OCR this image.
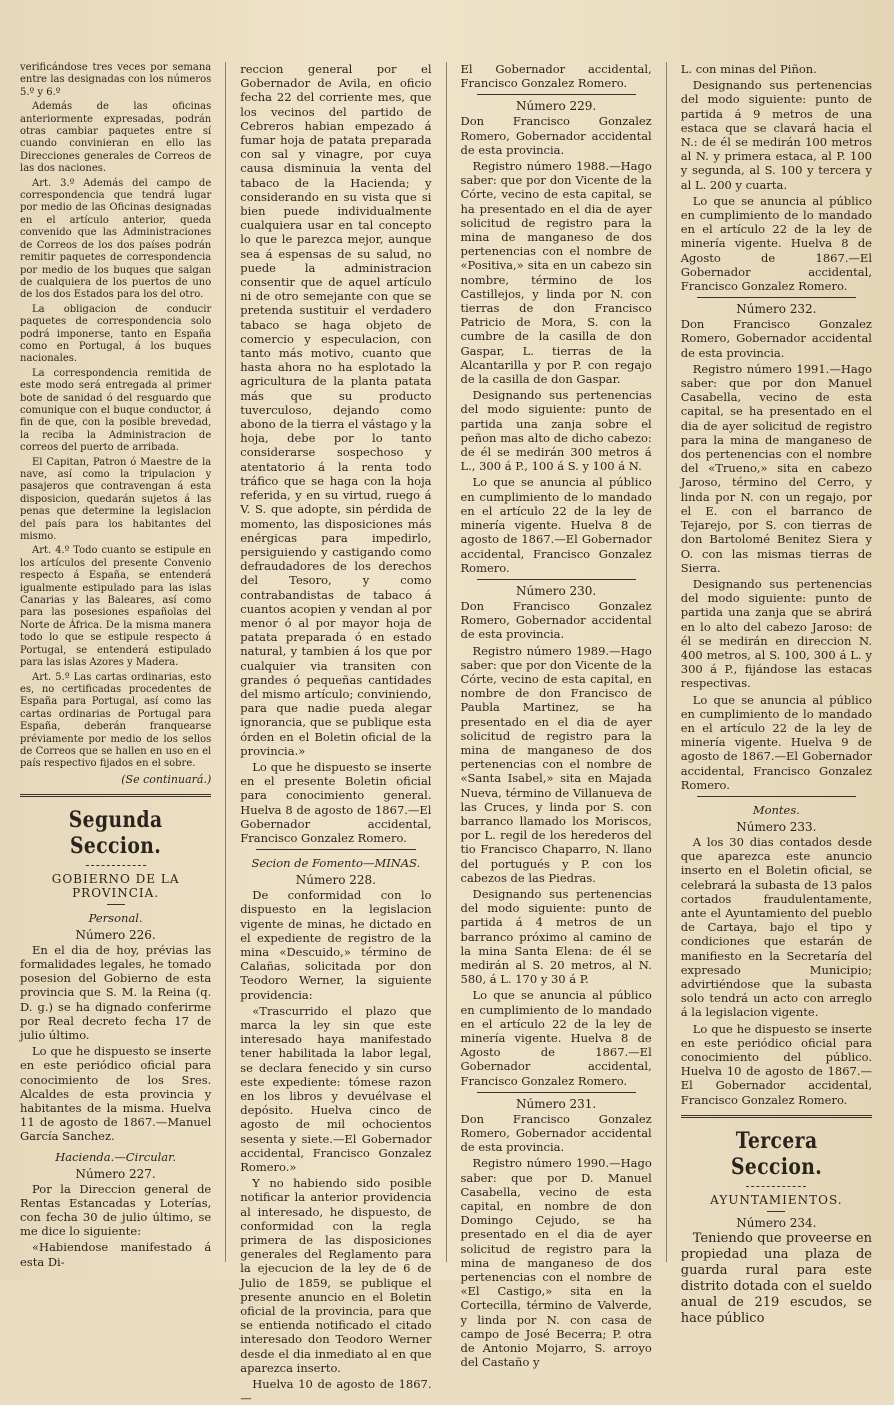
verificándose tres veces por semana entre las designadas con los números 5.º y 6.º

Además de las oficinas anteriormente expresadas, podrán otras cambiar paquetes entre sí cuando convinieran en ello las Direcciones generales de Correos de las dos naciones.

Art. 3.º Además del campo de correspondencia que tendrá lugar por medio de las Oficinas designadas en el artículo anterior, queda convenido que las Administraciones de Correos de los dos países podrán remitir paquetes de correspondencia por medio de los buques que salgan de cualquiera de los puertos de uno de los dos Estados para los del otro.

La obligacion de conducir paquetes de correspondencia solo podrá imponerse, tanto en España como en Portugal, á los buques nacionales.

La correspondencia remitida de este modo será entregada al primer bote de sanidad ó del resguardo que comunique con el buque conductor, á fin de que, con la posible brevedad, la reciba la Administracion de correos del puerto de arribada.

El Capitan, Patron ó Maestre de la nave, así como la tripulacion y pasajeros que contravengan á esta disposicion, quedarán sujetos á las penas que determine la legislacion del país para los habitantes del mismo.

Art. 4.º Todo cuanto se estipule en los artículos del presente Convenio respecto á España, se entenderá igualmente estipulado para las islas Canarias y las Baleares, así como para las posesiones españolas del Norte de África. De la misma manera todo lo que se estipule respecto á Portugal, se entenderá estipulado para las islas Azores y Madera.

Art. 5.º Las cartas ordinarias, esto es, no certificadas procedentes de España para Portugal, así como las cartas ordinarias de Portugal para España, deberán franquearse préviamente por medio de los sellos de Correos que se hallen en uso en el país respectivo fijados en el sobre.

(Se continuará.)
Segunda Seccion.
GOBIERNO DE LA PROVINCIA.
Personal.
Número 226.

En el dia de hoy, prévias las formalidades legales, he tomado posesion del Gobierno de esta provincia que S. M. la Reina (q. D. g.) se ha dignado conferirme por Real decreto fecha 17 de julio último.

Lo que he dispuesto se inserte en este periódico oficial para conocimiento de los Sres. Alcaldes de esta provincia y habitantes de la misma. Huelva 11 de agosto de 1867.—Manuel García Sanchez.

Hacienda.—Circular.
Número 227.

Por la Direccion general de Rentas Estancadas y Loterías, con fecha 30 de julio último, se me dice lo siguiente:

«Habiendose manifestado á esta Di-

reccion general por el Gobernador de Avila, en oficio fecha 22 del corriente mes, que los vecinos del partido de Cebreros habian empezado á fumar hoja de patata preparada con sal y vinagre, por cuya causa disminuia la venta del tabaco de la Hacienda; y considerando en su vista que si bien puede individualmente cualquiera usar en tal concepto lo que le parezca mejor, aunque sea á espensas de su salud, no puede la administracion consentir que de aquel artículo ni de otro semejante con que se pretenda sustituir el verdadero tabaco se haga objeto de comercio y especulacion, con tanto más motivo, cuanto que hasta ahora no ha esplotado la agricultura de la planta patata más que su producto tuverculoso, dejando como abono de la tierra el vástago y la hoja, debe por lo tanto considerarse sospechoso y atentatorio á la renta todo tráfico que se haga con la hoja referida, y en su virtud, ruego á V. S. que adopte, sin pérdida de momento, las disposiciones más enérgicas para impedirlo, persiguiendo y castigando como defraudadores de los derechos del Tesoro, y como contrabandistas de tabaco á cuantos acopien y vendan al por menor ó al por mayor hoja de patata preparada ó en estado natural, y tambien á los que por cualquier via transiten con grandes ó pequeñas cantidades del mismo artículo; conviniendo, para que nadie pueda alegar ignorancia, que se publique esta órden en el Boletin oficial de la provincia.»

Lo que he dispuesto se inserte en el presente Boletin oficial para conocimiento general. Huelva 8 de agosto de 1867.—El Gobernador accidental, Francisco Gonzalez Romero.

Secion de Fomento—MINAS.
Número 228.

De conformidad con lo dispuesto en la legislacion vigente de minas, he dictado en el expediente de registro de la mina «Descuido,» término de Calañas, solicitada por don Teodoro Werner, la siguiente providencia:

«Trascurrido el plazo que marca la ley sin que este interesado haya manifestado tener habilitada la labor legal, se declara fenecido y sin curso este expediente: tómese razon en los libros y devuélvase el depósito. Huelva cinco de agosto de mil ochocientos sesenta y siete.—El Gobernador accidental, Francisco Gonzalez Romero.»

Y no habiendo sido posible notificar la anterior providencia al interesado, he dispuesto, de conformidad con la regla primera de las disposiciones generales del Reglamento para la ejecucion de la ley de 6 de Julio de 1859, se publique el presente anuncio en el Boletin oficial de la provincia, para que se entienda notificado el citado interesado don Teodoro Werner desde el dia inmediato al en que aparezca inserto.

Huelva 10 de agosto de 1867.—

El Gobernador accidental, Francisco Gonzalez Romero.

Número 229.

Don Francisco Gonzalez Romero, Gobernador accidental de esta provincia.

Registro número 1988.—Hago saber: que por don Vicente de la Córte, vecino de esta capital, se ha presentado en el dia de ayer solicitud de registro para la mina de manganeso de dos pertenencias con el nombre de «Positiva,» sita en un cabezo sin nombre, término de los Castillejos, y linda por N. con tierras de don Francisco Patricio de Mora, S. con la cumbre de la casilla de don Gaspar, L. tierras de la Alcantarilla y por P. con regajo de la casilla de don Gaspar.

Designando sus pertenencias del modo siguiente: punto de partida una zanja sobre el peñon mas alto de dicho cabezo: de él se medirán 300 metros á L., 300 á P., 100 á S. y 100 á N.

Lo que se anuncia al público en cumplimiento de lo mandado en el artículo 22 de la ley de minería vigente. Huelva 8 de agosto de 1867.—El Gobernador accidental, Francisco Gonzalez Romero.

Número 230.

Don Francisco Gonzalez Romero, Gobernador accidental de esta provincia.

Registro número 1989.—Hago saber: que por don Vicente de la Córte, vecino de esta capital, en nombre de don Francisco de Paubla Martinez, se ha presentado en el dia de ayer solicitud de registro para la mina de manganeso de dos pertenencias con el nombre de «Santa Isabel,» sita en Majada Nueva, término de Villanueva de las Cruces, y linda por S. con barranco llamado los Moriscos, por L. regil de los herederos del tio Francisco Chaparro, N. llano del portugués y P. con los cabezos de las Piedras.

Designando sus pertenencias del modo siguiente: punto de partida á 4 metros de un barranco próximo al camino de la mina Santa Elena: de él se medirán al S. 20 metros, al N. 580, á L. 170 y 30 á P.

Lo que se anuncia al público en cumplimiento de lo mandado en el artículo 22 de la ley de minería vigente. Huelva 8 de Agosto de 1867.—El Gobernador accidental, Francisco Gonzalez Romero.

Número 231.

Don Francisco Gonzalez Romero, Gobernador accidental de esta provincia.

Registro número 1990.—Hago saber: que por D. Manuel Casabella, vecino de esta capital, en nombre de don Domingo Cejudo, se ha presentado en el dia de ayer solicitud de registro para la mina de manganeso de dos pertenencias con el nombre de «El Castigo,» sita en la Cortecilla, término de Valverde, y linda por N. con casa de campo de José Becerra; P. otra de Antonio Mojarro, S. arroyo del Castaño y

L. con minas del Piñon.

Designando sus pertenencias del modo siguiente: punto de partida á 9 metros de una estaca que se clavará hacia el N.: de él se medirán 100 metros al N. y primera estaca, al P. 100 y segunda, al S. 100 y tercera y al L. 200 y cuarta.

Lo que se anuncia al público en cumplimiento de lo mandado en el artículo 22 de la ley de minería vigente. Huelva 8 de Agosto de 1867.—El Gobernador accidental, Francisco Gonzalez Romero.

Número 232.

Don Francisco Gonzalez Romero, Gobernador accidental de esta provincia.

Registro número 1991.—Hago saber: que por don Manuel Casabella, vecino de esta capital, se ha presentado en el dia de ayer solicitud de registro para la mina de manganeso de dos pertenencias con el nombre del «Trueno,» sita en cabezo Jaroso, término del Cerro, y linda por N. con un regajo, por el E. con el barranco de Tejarejo, por S. con tierras de don Bartolomé Benitez Siera y O. con las mismas tierras de Sierra.

Designando sus pertenencias del modo siguiente: punto de partida una zanja que se abrirá en lo alto del cabezo Jaroso: de él se medirán en direccion N. 400 metros, al S. 100, 300 á L. y 300 á P., fijándose las estacas respectivas.

Lo que se anuncia al público en cumplimiento de lo mandado en el artículo 22 de la ley de minería vigente. Huelva 9 de agosto de 1867.—El Gobernador accidental, Francisco Gonzalez Romero.

Montes.
Número 233.

A los 30 dias contados desde que aparezca este anuncio inserto en el Boletin oficial, se celebrará la subasta de 13 palos cortados fraudulentamente, ante el Ayuntamiento del pueblo de Cartaya, bajo el tipo y condiciones que estarán de manifiesto en la Secretaría del expresado Municipio; advirtiéndose que la subasta solo tendrá un acto con arreglo á la legislacion vigente.

Lo que he dispuesto se inserte en este periódico oficial para conocimiento del público. Huelva 10 de agosto de 1867.—El Gobernador accidental, Francisco Gonzalez Romero.

Tercera Seccion.
AYUNTAMIENTOS.
Número 234.

Teniendo que proveerse en propiedad una plaza de guarda rural para este distrito dotada con el sueldo anual de 219 escudos, se hace público
